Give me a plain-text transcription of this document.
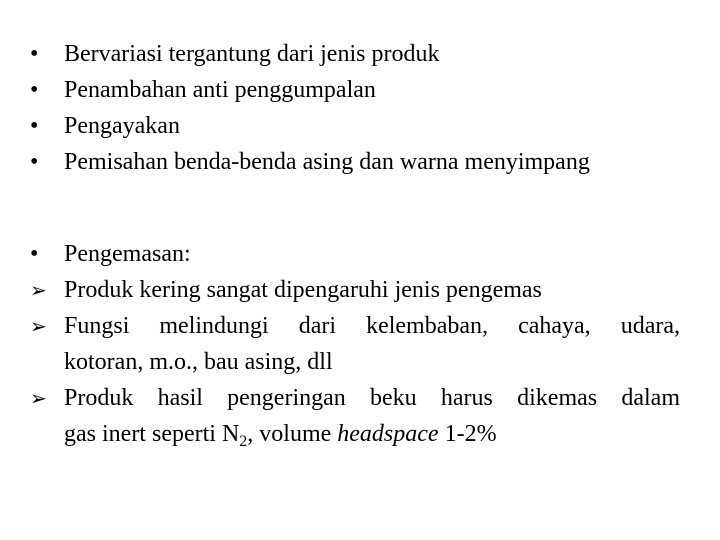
•	Bervariasi tergantung dari jenis produk
•	Penambahan anti penggumpalan
•	Pengayakan
•	Pemisahan benda-benda asing dan warna menyimpang
•	Pengemasan:
➢ Produk kering sangat dipengaruhi jenis pengemas
➢ Fungsi melindungi dari kelembaban, cahaya, udara,
kotoran, m.o., bau asing, dll
➢ Produk hasil pengeringan beku harus dikemas dalam
gas inert seperti $N_2$, volume headspace 1-2%
